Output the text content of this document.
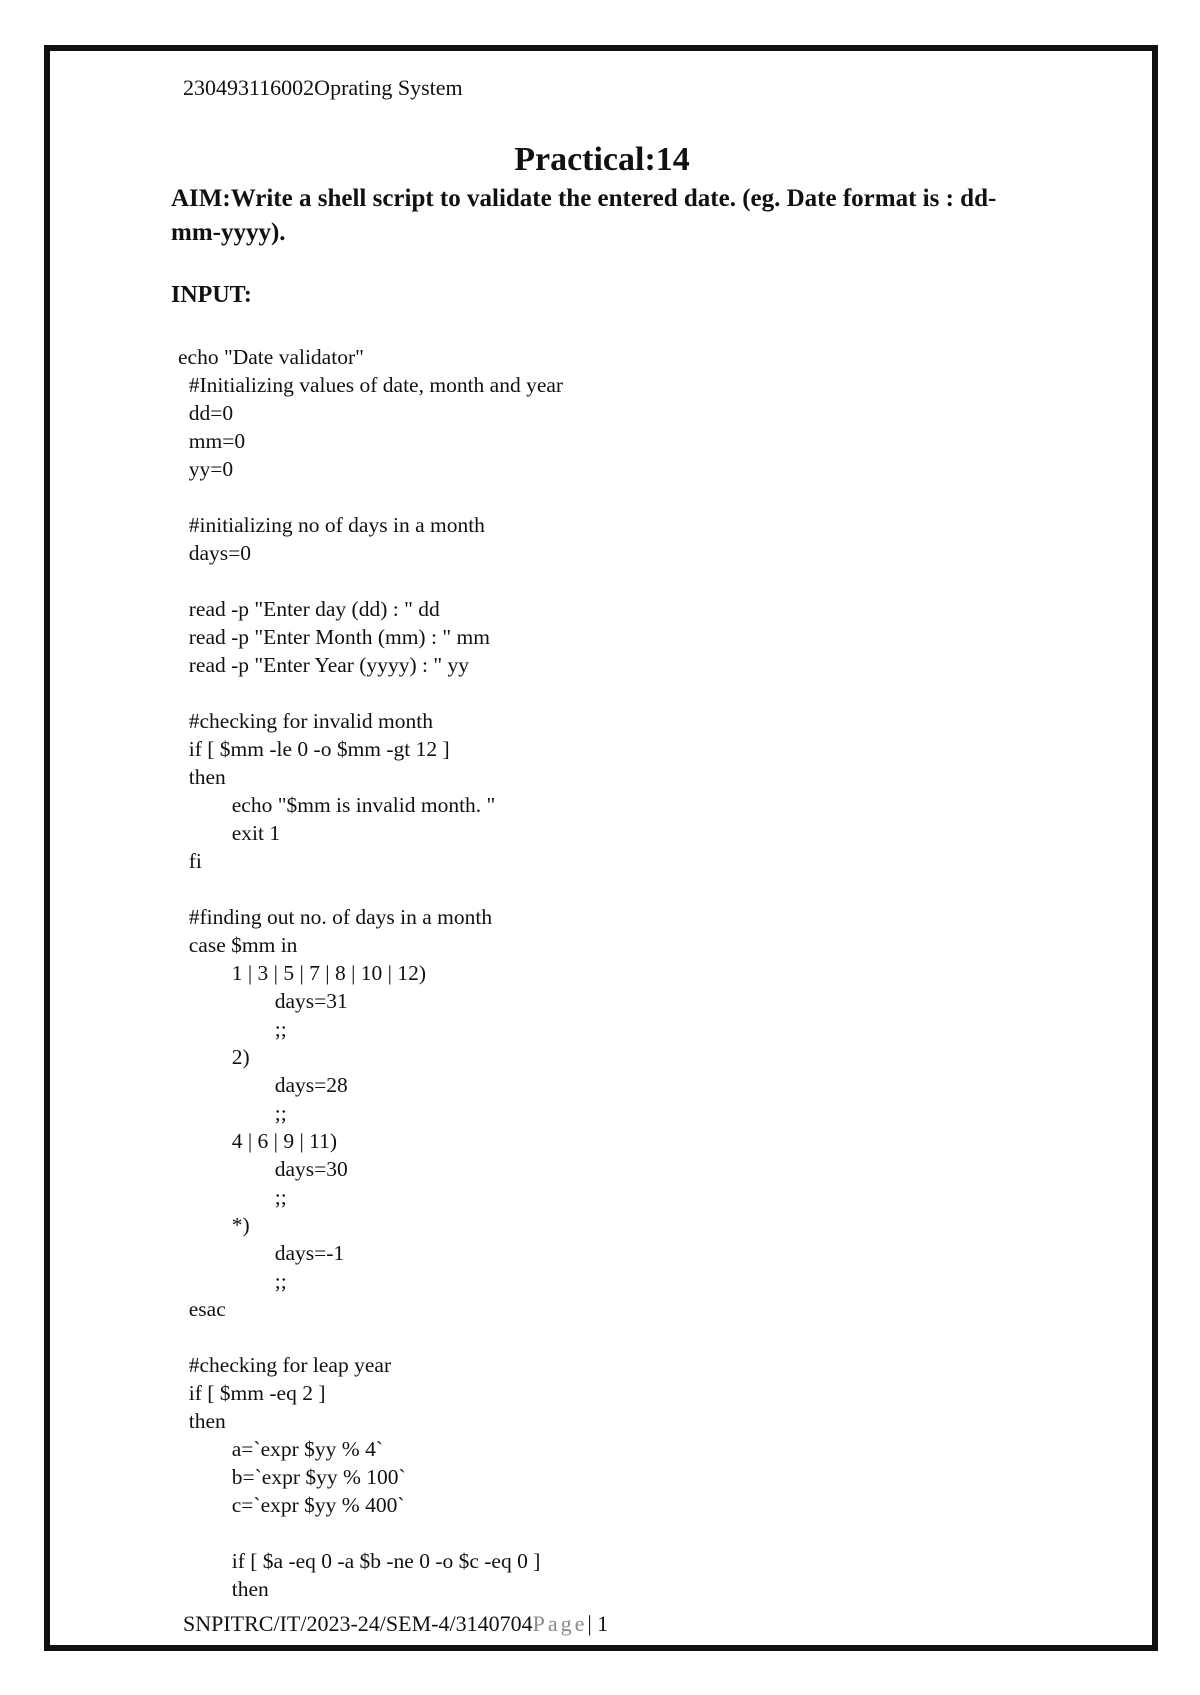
230493116002Oprating System
Practical:14
AIM:Write a shell script to validate the entered date. (eg. Date format is : dd-mm-yyyy).
INPUT:
echo "Date validator"
#Initializing values of date, month and year
dd=0
mm=0
yy=0
#initializing no of days in a month
days=0
read -p "Enter day (dd) : " dd
read -p "Enter Month (mm) : " mm
read -p "Enter Year (yyyy) : " yy
#checking for invalid month
if [ $mm -le 0 -o $mm -gt 12 ]
then
echo "$mm is invalid month. "
exit 1
fi
#finding out no. of days in a month
case $mm in
1 | 3 | 5 | 7 | 8 | 10 | 12)
days=31
;;
2)
days=28
;;
4 | 6 | 9 | 11)
days=30
;;
*)
days=-1
;;
esac
#checking for leap year
if [ $mm -eq 2 ]
then
a=`expr $yy % 4`
b=`expr $yy % 100`
c=`expr $yy % 400`
if [ $a -eq 0 -a $b -ne 0 -o $c -eq 0 ]
then
SNPITRC/IT/2023-24/SEM-4/3140704Page| 1
